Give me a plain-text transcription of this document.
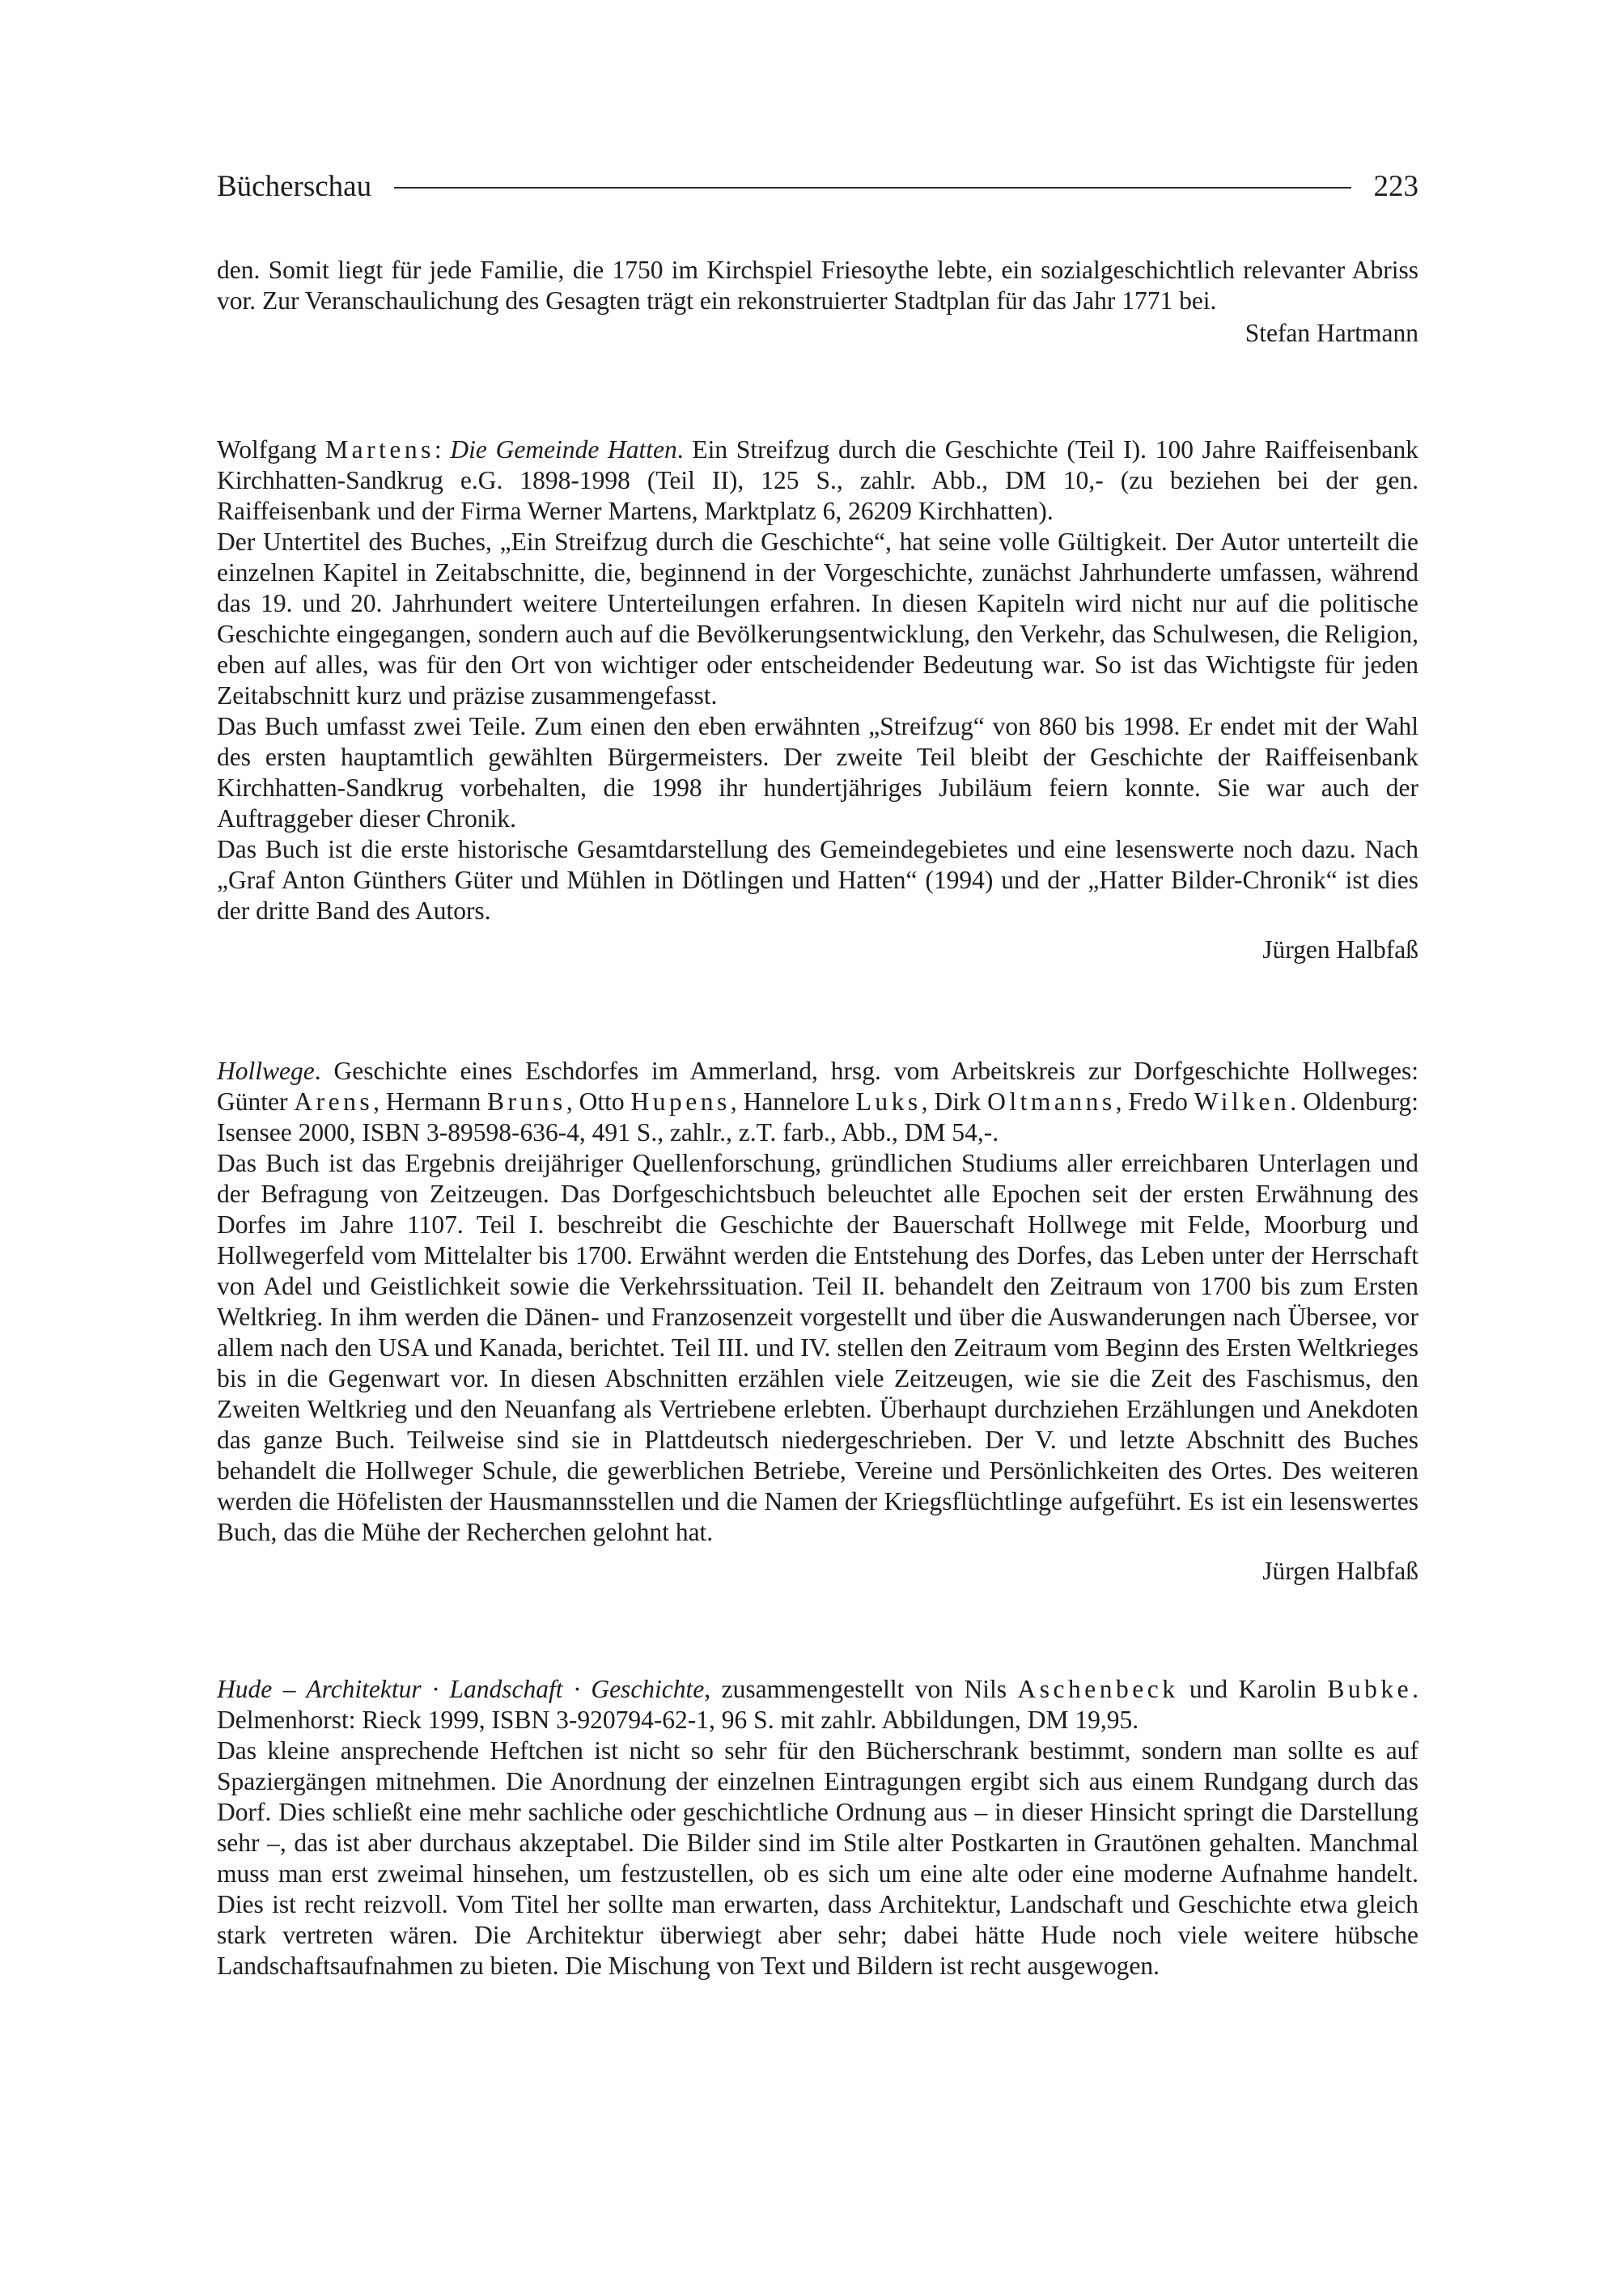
Bücherschau	223

den. Somit liegt für jede Familie, die 1750 im Kirchspiel Friesoythe lebte, ein sozialgeschichtlich relevanter Abriss vor. Zur Veranschaulichung des Gesagten trägt ein rekonstruierter Stadtplan für das Jahr 1771 bei.

Stefan Hartmann

Wolfgang Martens: Die Gemeinde Hatten. Ein Streifzug durch die Geschichte (Teil I). 100 Jahre Raiffeisenbank Kirchhatten-Sandkrug e.G. 1898-1998 (Teil II), 125 S., zahlr. Abb., DM 10,- (zu beziehen bei der gen. Raiffeisenbank und der Firma Werner Martens, Marktplatz 6, 26209 Kirchhatten).

Der Untertitel des Buches, „Ein Streifzug durch die Geschichte“, hat seine volle Gültigkeit. Der Autor unterteilt die einzelnen Kapitel in Zeitabschnitte, die, beginnend in der Vorgeschichte, zunächst Jahrhunderte umfassen, während das 19. und 20. Jahrhundert weitere Unterteilungen erfahren. In diesen Kapiteln wird nicht nur auf die politische Geschichte eingegangen, sondern auch auf die Bevölkerungsentwicklung, den Verkehr, das Schulwesen, die Religion, eben auf alles, was für den Ort von wichtiger oder entscheidender Bedeutung war. So ist das Wichtigste für jeden Zeitabschnitt kurz und präzise zusammengefasst.

Das Buch umfasst zwei Teile. Zum einen den eben erwähnten „Streifzug“ von 860 bis 1998. Er endet mit der Wahl des ersten hauptamtlich gewählten Bürgermeisters. Der zweite Teil bleibt der Geschichte der Raiffeisenbank Kirchhatten-Sandkrug vorbehalten, die 1998 ihr hundertjähriges Jubiläum feiern konnte. Sie war auch der Auftraggeber dieser Chronik.

Das Buch ist die erste historische Gesamtdarstellung des Gemeindegebietes und eine lesenswerte noch dazu. Nach „Graf Anton Günthers Güter und Mühlen in Dötlingen und Hatten“ (1994) und der „Hatter Bilder-Chronik“ ist dies der dritte Band des Autors.

Jürgen Halbfaß

Hollwege. Geschichte eines Eschdorfes im Ammerland, hrsg. vom Arbeitskreis zur Dorfgeschichte Hollweges: Günter Arens, Hermann Bruns, Otto Hupens, Hannelore Luks, Dirk Oltmanns, Fredo Wilken. Oldenburg: Isensee 2000, ISBN 3-89598-636-4, 491 S., zahlr., z.T. farb., Abb., DM 54,-.

Das Buch ist das Ergebnis dreijähriger Quellenforschung, gründlichen Studiums aller erreichbaren Unterlagen und der Befragung von Zeitzeugen. Das Dorfgeschichtsbuch beleuchtet alle Epochen seit der ersten Erwähnung des Dorfes im Jahre 1107. Teil I. beschreibt die Geschichte der Bauerschaft Hollwege mit Felde, Moorburg und Hollwegerfeld vom Mittelalter bis 1700. Erwähnt werden die Entstehung des Dorfes, das Leben unter der Herrschaft von Adel und Geistlichkeit sowie die Verkehrssituation. Teil II. behandelt den Zeitraum von 1700 bis zum Ersten Weltkrieg. In ihm werden die Dänen- und Franzosenzeit vorgestellt und über die Auswanderungen nach Übersee, vor allem nach den USA und Kanada, berichtet. Teil III. und IV. stellen den Zeitraum vom Beginn des Ersten Weltkrieges bis in die Gegenwart vor. In diesen Abschnitten erzählen viele Zeitzeugen, wie sie die Zeit des Faschismus, den Zweiten Weltkrieg und den Neuanfang als Vertriebene erlebten. Überhaupt durchziehen Erzählungen und Anekdoten das ganze Buch. Teilweise sind sie in Plattdeutsch niedergeschrieben. Der V. und letzte Abschnitt des Buches behandelt die Hollweger Schule, die gewerblichen Betriebe, Vereine und Persönlichkeiten des Ortes. Des weiteren werden die Höfelisten der Hausmannsstellen und die Namen der Kriegsflüchtlinge aufgeführt. Es ist ein lesenswertes Buch, das die Mühe der Recherchen gelohnt hat.

Jürgen Halbfaß

Hude – Architektur · Landschaft · Geschichte, zusammengestellt von Nils Aschenbeck und Karolin Bubke. Delmenhorst: Rieck 1999, ISBN 3-920794-62-1, 96 S. mit zahlr. Abbildungen, DM 19,95.

Das kleine ansprechende Heftchen ist nicht so sehr für den Bücherschrank bestimmt, sondern man sollte es auf Spaziergängen mitnehmen. Die Anordnung der einzelnen Eintragungen ergibt sich aus einem Rundgang durch das Dorf. Dies schließt eine mehr sachliche oder geschichtliche Ordnung aus – in dieser Hinsicht springt die Darstellung sehr –, das ist aber durchaus akzeptabel. Die Bilder sind im Stile alter Postkarten in Grautönen gehalten. Manchmal muss man erst zweimal hinsehen, um festzustellen, ob es sich um eine alte oder eine moderne Aufnahme handelt. Dies ist recht reizvoll. Vom Titel her sollte man erwarten, dass Architektur, Landschaft und Geschichte etwa gleich stark vertreten wären. Die Architektur überwiegt aber sehr; dabei hätte Hude noch viele weitere hübsche Landschaftsaufnahmen zu bieten. Die Mischung von Text und Bildern ist recht ausgewogen.
